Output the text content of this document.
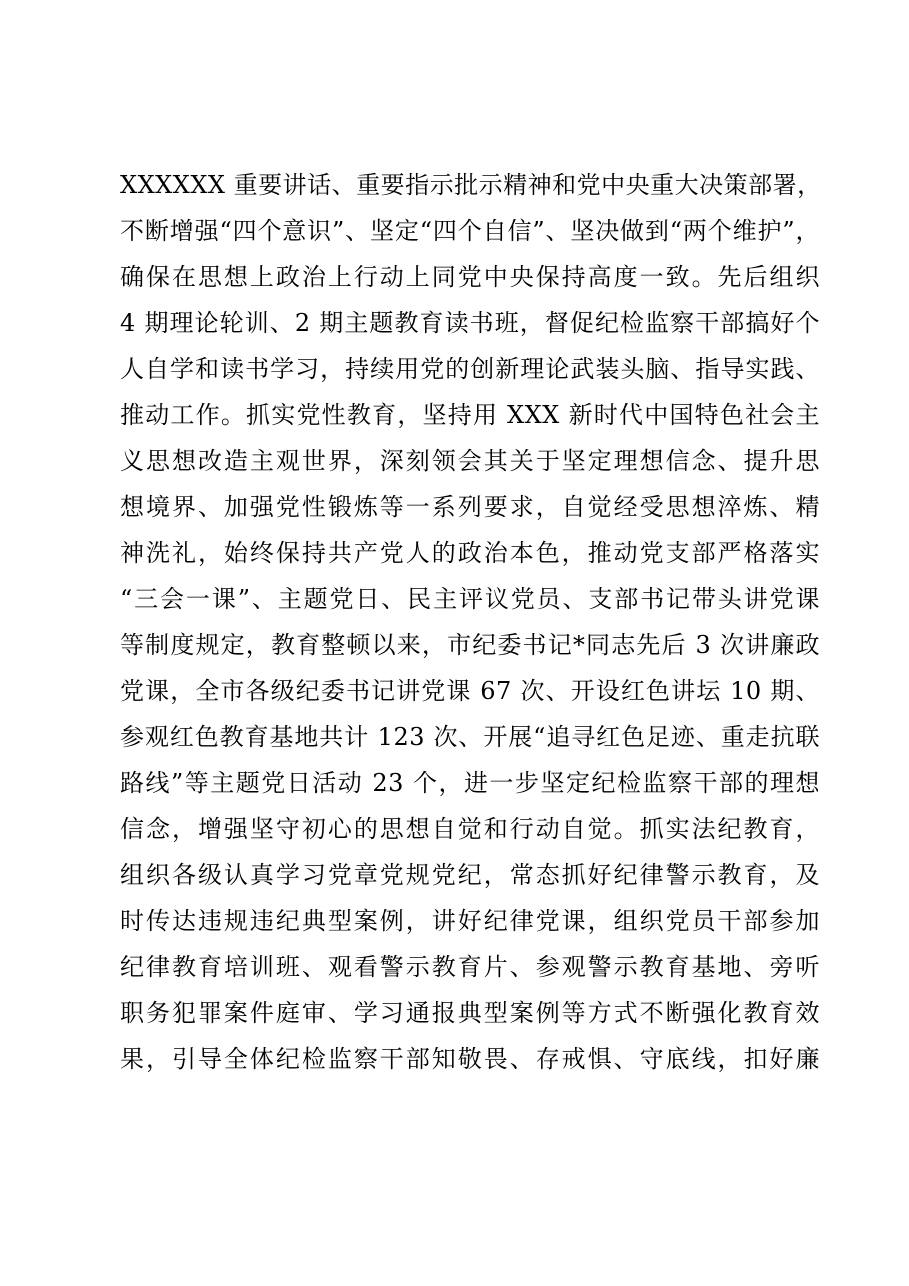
XXXXXX 重要讲话、重要指示批示精神和党中央重大决策部署，
不断增强“四个意识”、坚定“四个自信”、坚决做到“两个维护”，
确保在思想上政治上行动上同党中央保持高度一致。先后组织
4 期理论轮训、2 期主题教育读书班，督促纪检监察干部搞好个
人自学和读书学习，持续用党的创新理论武装头脑、指导实践、
推动工作。抓实党性教育，坚持用 XXX 新时代中国特色社会主
义思想改造主观世界，深刻领会其关于坚定理想信念、提升思
想境界、加强党性锻炼等一系列要求，自觉经受思想淬炼、精
神洗礼，始终保持共产党人的政治本色，推动党支部严格落实
“三会一课”、主题党日、民主评议党员、支部书记带头讲党课
等制度规定，教育整顿以来，市纪委书记*同志先后 3 次讲廉政
党课，全市各级纪委书记讲党课 67 次、开设红色讲坛 10 期、
参观红色教育基地共计 123 次、开展“追寻红色足迹、重走抗联
路线”等主题党日活动 23 个，进一步坚定纪检监察干部的理想
信念，增强坚守初心的思想自觉和行动自觉。抓实法纪教育，
组织各级认真学习党章党规党纪，常态抓好纪律警示教育，及
时传达违规违纪典型案例，讲好纪律党课，组织党员干部参加
纪律教育培训班、观看警示教育片、参观警示教育基地、旁听
职务犯罪案件庭审、学习通报典型案例等方式不断强化教育效
果，引导全体纪检监察干部知敬畏、存戒惧、守底线，扣好廉
